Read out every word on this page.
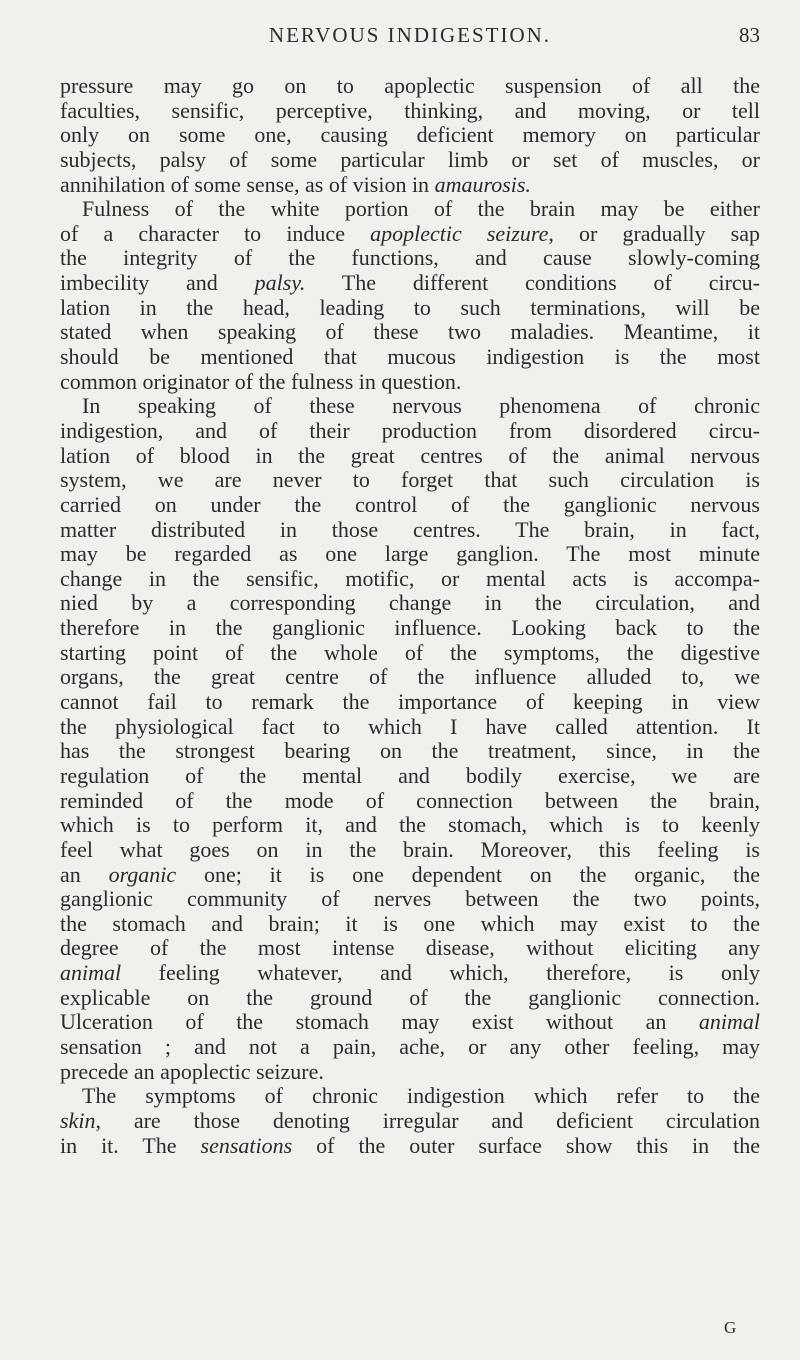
NERVOUS INDIGESTION.	83
pressure may go on to apoplectic suspension of all the
faculties, sensific, perceptive, thinking, and moving, or tell
only on some one, causing deficient memory on particular
subjects, palsy of some particular limb or set of muscles, or
annihilation of some sense, as of vision in amaurosis.
 Fulness of the white portion of the brain may be either
of a character to induce apoplectic seizure, or gradually sap
the integrity of the functions, and cause slowly-coming
imbecility and palsy. The different conditions of circu-
lation in the head, leading to such terminations, will be
stated when speaking of these two maladies. Meantime, it
should be mentioned that mucous indigestion is the most
common originator of the fulness in question.
 In speaking of these nervous phenomena of chronic
indigestion, and of their production from disordered circu-
lation of blood in the great centres of the animal nervous
system, we are never to forget that such circulation is
carried on under the control of the ganglionic nervous
matter distributed in those centres. The brain, in fact,
may be regarded as one large ganglion. The most minute
change in the sensific, motific, or mental acts is accompa-
nied by a corresponding change in the circulation, and
therefore in the ganglionic influence. Looking back to the
starting point of the whole of the symptoms, the digestive
organs, the great centre of the influence alluded to, we
cannot fail to remark the importance of keeping in view
the physiological fact to which I have called attention. It
has the strongest bearing on the treatment, since, in the
regulation of the mental and bodily exercise, we are
reminded of the mode of connection between the brain,
which is to perform it, and the stomach, which is to keenly
feel what goes on in the brain. Moreover, this feeling is
an organic one; it is one dependent on the organic, the
ganglionic community of nerves between the two points,
the stomach and brain; it is one which may exist to the
degree of the most intense disease, without eliciting any
animal feeling whatever, and which, therefore, is only
explicable on the ground of the ganglionic connection.
Ulceration of the stomach may exist without an animal
sensation ; and not a pain, ache, or any other feeling, may
precede an apoplectic seizure.
 The symptoms of chronic indigestion which refer to the
skin, are those denoting irregular and deficient circulation
in it. The sensations of the outer surface show this in the
G
